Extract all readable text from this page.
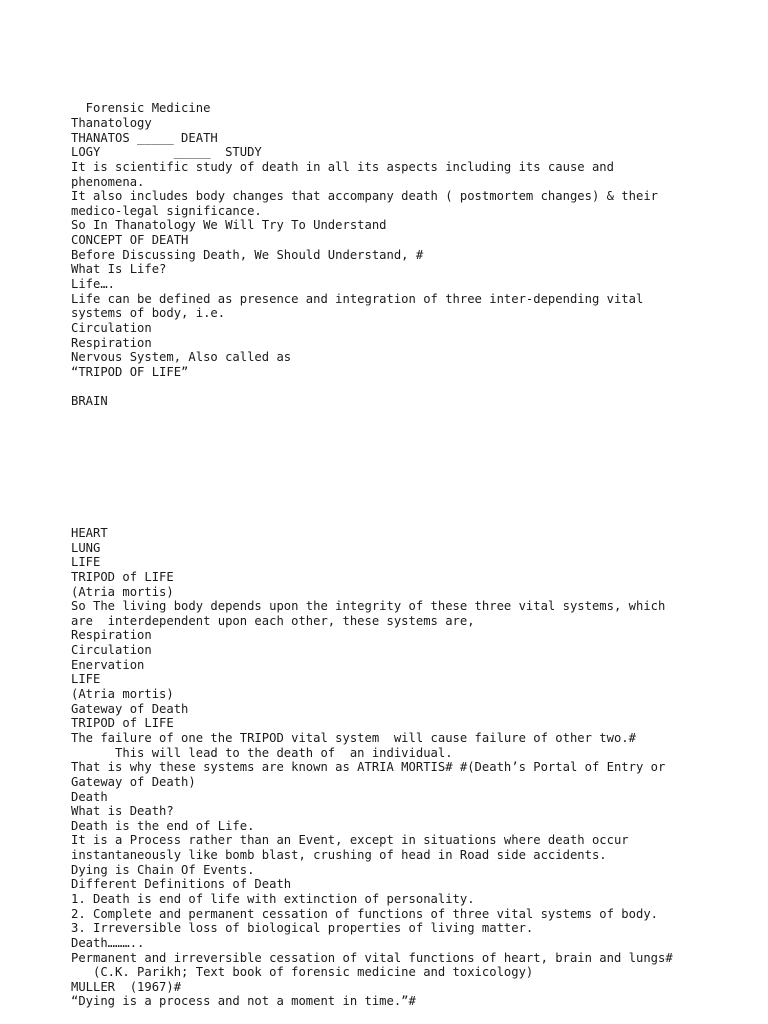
Forensic Medicine
Thanatology
THANATOS _____ DEATH
LOGY          _____  STUDY
It is scientific study of death in all its aspects including its cause and
phenomena.
It also includes body changes that accompany death ( postmortem changes) & their
medico-legal significance.
So In Thanatology We Will Try To Understand
CONCEPT OF DEATH
Before Discussing Death, We Should Understand, #
What Is Life?
Life….
Life can be defined as presence and integration of three inter-depending vital
systems of body, i.e.
Circulation
Respiration
Nervous System, Also called as
“TRIPOD OF LIFE”
BRAIN

HEART
LUNG
LIFE
TRIPOD of LIFE
(Atria mortis)
So The living body depends upon the integrity of these three vital systems, which
are  interdependent upon each other, these systems are,
Respiration
Circulation
Enervation
LIFE
(Atria mortis)
Gateway of Death
TRIPOD of LIFE
The failure of one the TRIPOD vital system  will cause failure of other two.#
This will lead to the death of  an individual.
That is why these systems are known as ATRIA MORTIS# #(Death’s Portal of Entry or
Gateway of Death)
Death
What is Death?
Death is the end of Life.
It is a Process rather than an Event, except in situations where death occur
instantaneously like bomb blast, crushing of head in Road side accidents.
Dying is Chain Of Events.
Different Definitions of Death
1. Death is end of life with extinction of personality.
2. Complete and permanent cessation of functions of three vital systems of body.
3. Irreversible loss of biological properties of living matter.
Death………..
Permanent and irreversible cessation of vital functions of heart, brain and lungs#
(C.K. Parikh; Text book of forensic medicine and toxicology)
MULLER  (1967)#
“Dying is a process and not a moment in time.”#
